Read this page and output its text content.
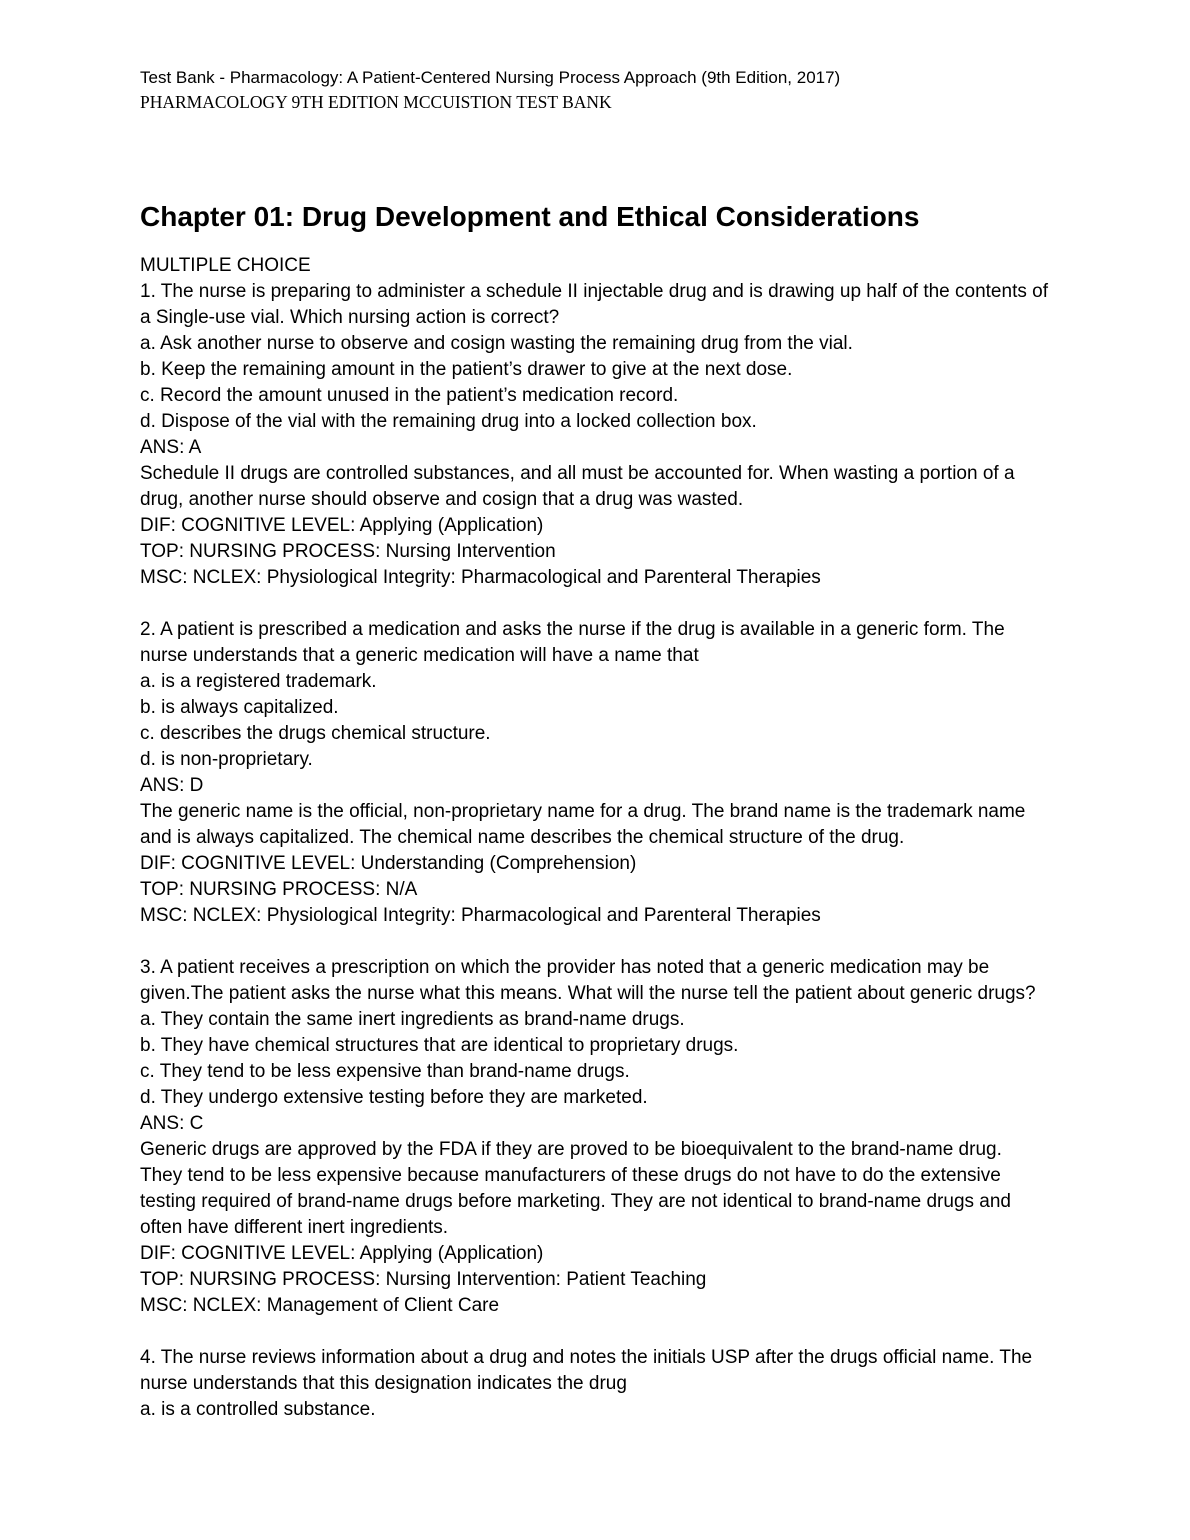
Test Bank - Pharmacology: A Patient-Centered Nursing Process Approach (9th Edition, 2017)

PHARMACOLOGY 9TH EDITION MCCUISTION TEST BANK

Chapter 01: Drug Development and Ethical Considerations
MULTIPLE CHOICE
1. The nurse is preparing to administer a schedule II injectable drug and is drawing up half of the contents of a Single-use vial. Which nursing action is correct?
a. Ask another nurse to observe and cosign wasting the remaining drug from the vial.
b. Keep the remaining amount in the patient’s drawer to give at the next dose.
c. Record the amount unused in the patient’s medication record.
d. Dispose of the vial with the remaining drug into a locked collection box.
ANS: A
Schedule II drugs are controlled substances, and all must be accounted for. When wasting a portion of a drug, another nurse should observe and cosign that a drug was wasted.
DIF: COGNITIVE LEVEL: Applying (Application)
TOP: NURSING PROCESS: Nursing Intervention
MSC: NCLEX: Physiological Integrity: Pharmacological and Parenteral Therapies
2. A patient is prescribed a medication and asks the nurse if the drug is available in a generic form. The nurse understands that a generic medication will have a name that
a. is a registered trademark.
b. is always capitalized.
c. describes the drugs chemical structure.
d. is non-proprietary.
ANS: D
The generic name is the official, non-proprietary name for a drug. The brand name is the trademark name and is always capitalized. The chemical name describes the chemical structure of the drug.
DIF: COGNITIVE LEVEL: Understanding (Comprehension)
TOP: NURSING PROCESS: N/A
MSC: NCLEX: Physiological Integrity: Pharmacological and Parenteral Therapies
3. A patient receives a prescription on which the provider has noted that a generic medication may be given.The patient asks the nurse what this means. What will the nurse tell the patient about generic drugs?
a. They contain the same inert ingredients as brand-name drugs.
b. They have chemical structures that are identical to proprietary drugs.
c. They tend to be less expensive than brand-name drugs.
d. They undergo extensive testing before they are marketed.
ANS: C
Generic drugs are approved by the FDA if they are proved to be bioequivalent to the brand-name drug. They tend to be less expensive because manufacturers of these drugs do not have to do the extensive testing required of brand-name drugs before marketing. They are not identical to brand-name drugs and often have different inert ingredients.
DIF: COGNITIVE LEVEL: Applying (Application)
TOP: NURSING PROCESS: Nursing Intervention: Patient Teaching
MSC: NCLEX: Management of Client Care
4. The nurse reviews information about a drug and notes the initials USP after the drugs official name. The nurse understands that this designation indicates the drug
a. is a controlled substance.
